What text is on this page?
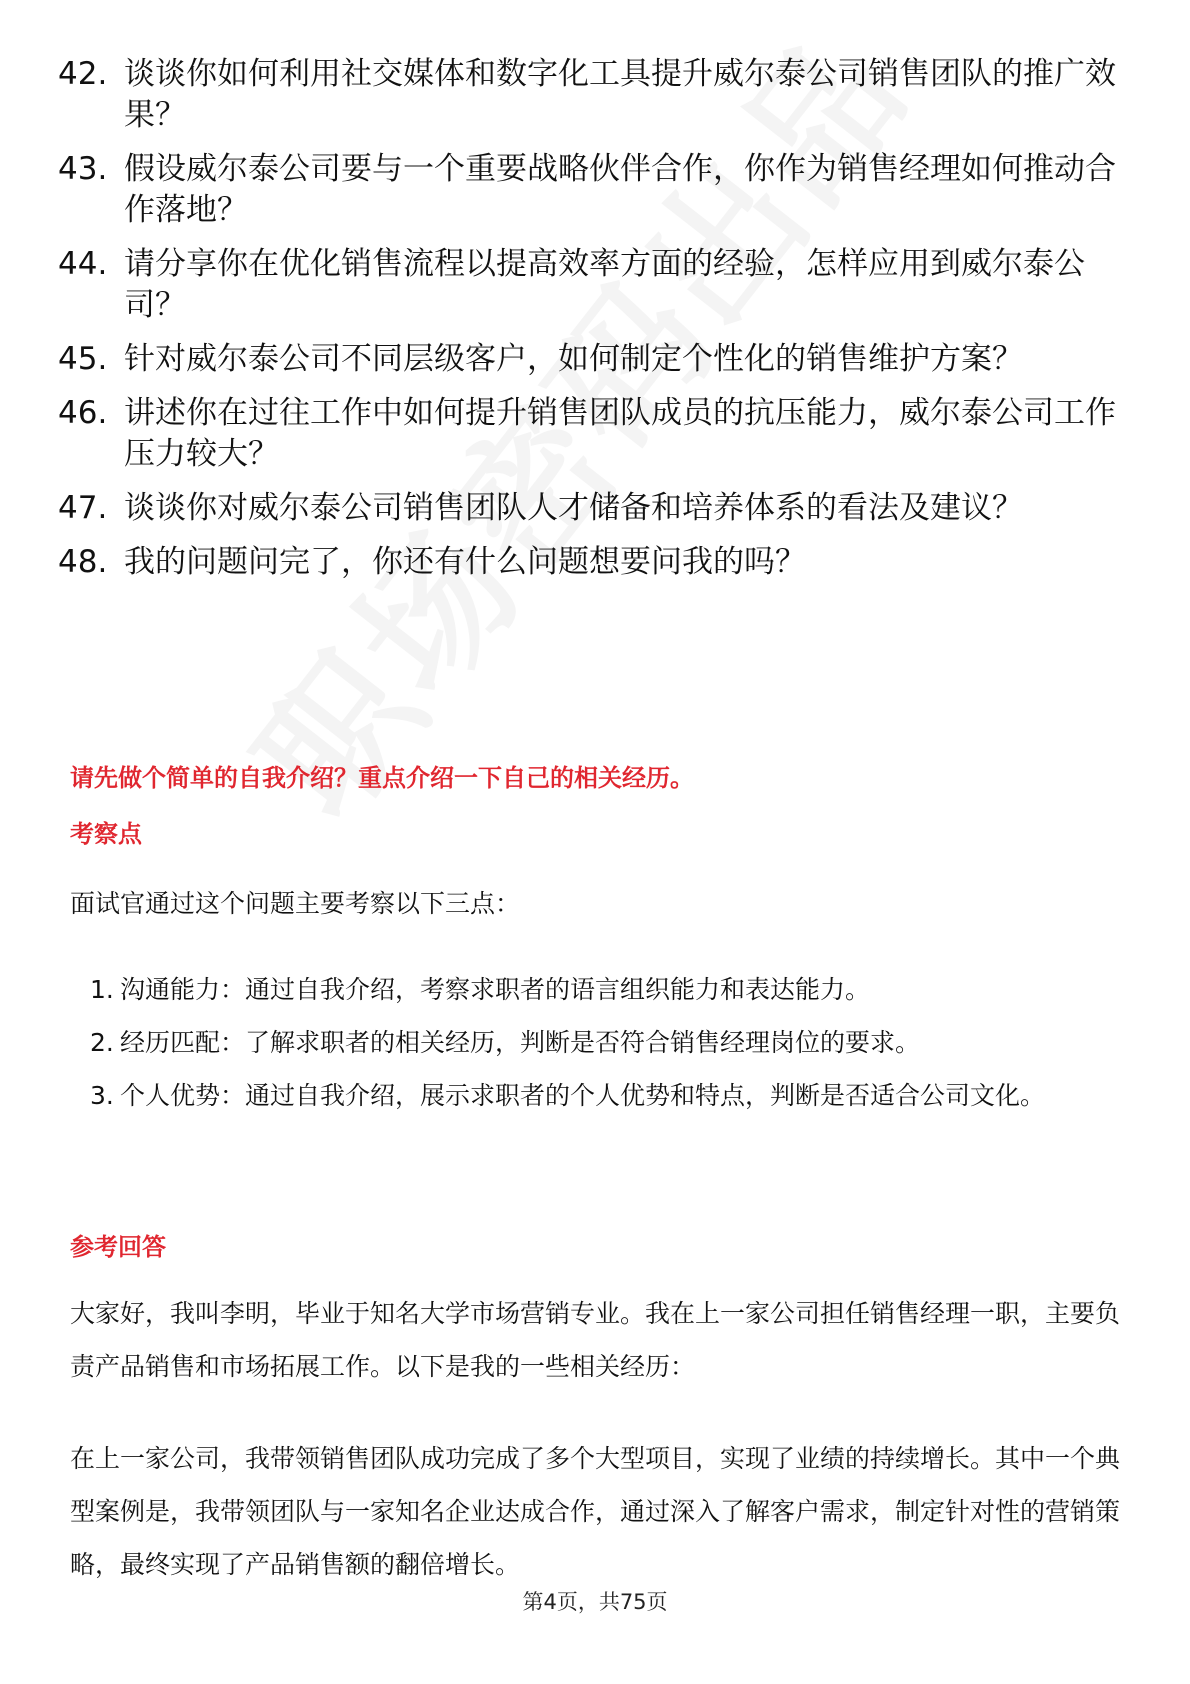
42. 谈谈你如何利用社交媒体和数字化工具提升威尔泰公司销售团队的推广效果？
43. 假设威尔泰公司要与一个重要战略伙伴合作，你作为销售经理如何推动合作落地？
44. 请分享你在优化销售流程以提高效率方面的经验，怎样应用到威尔泰公司？
45. 针对威尔泰公司不同层级客户，如何制定个性化的销售维护方案？
46. 讲述你在过往工作中如何提升销售团队成员的抗压能力，威尔泰公司工作压力较大？
47. 谈谈你对威尔泰公司销售团队人才储备和培养体系的看法及建议？
48. 我的问题问完了，你还有什么问题想要问我的吗？
请先做个简单的自我介绍？重点介绍一下自己的相关经历。
考察点
面试官通过这个问题主要考察以下三点：
1. 沟通能力：通过自我介绍，考察求职者的语言组织能力和表达能力。
2. 经历匹配：了解求职者的相关经历，判断是否符合销售经理岗位的要求。
3. 个人优势：通过自我介绍，展示求职者的个人优势和特点，判断是否适合公司文化。
参考回答
大家好，我叫李明，毕业于知名大学市场营销专业。我在上一家公司担任销售经理一职，主要负责产品销售和市场拓展工作。以下是我的一些相关经历：
在上一家公司，我带领销售团队成功完成了多个大型项目，实现了业绩的持续增长。其中一个典型案例是，我带领团队与一家知名企业达成合作，通过深入了解客户需求，制定针对性的营销策略，最终实现了产品销售额的翻倍增长。
第4页，共75页
